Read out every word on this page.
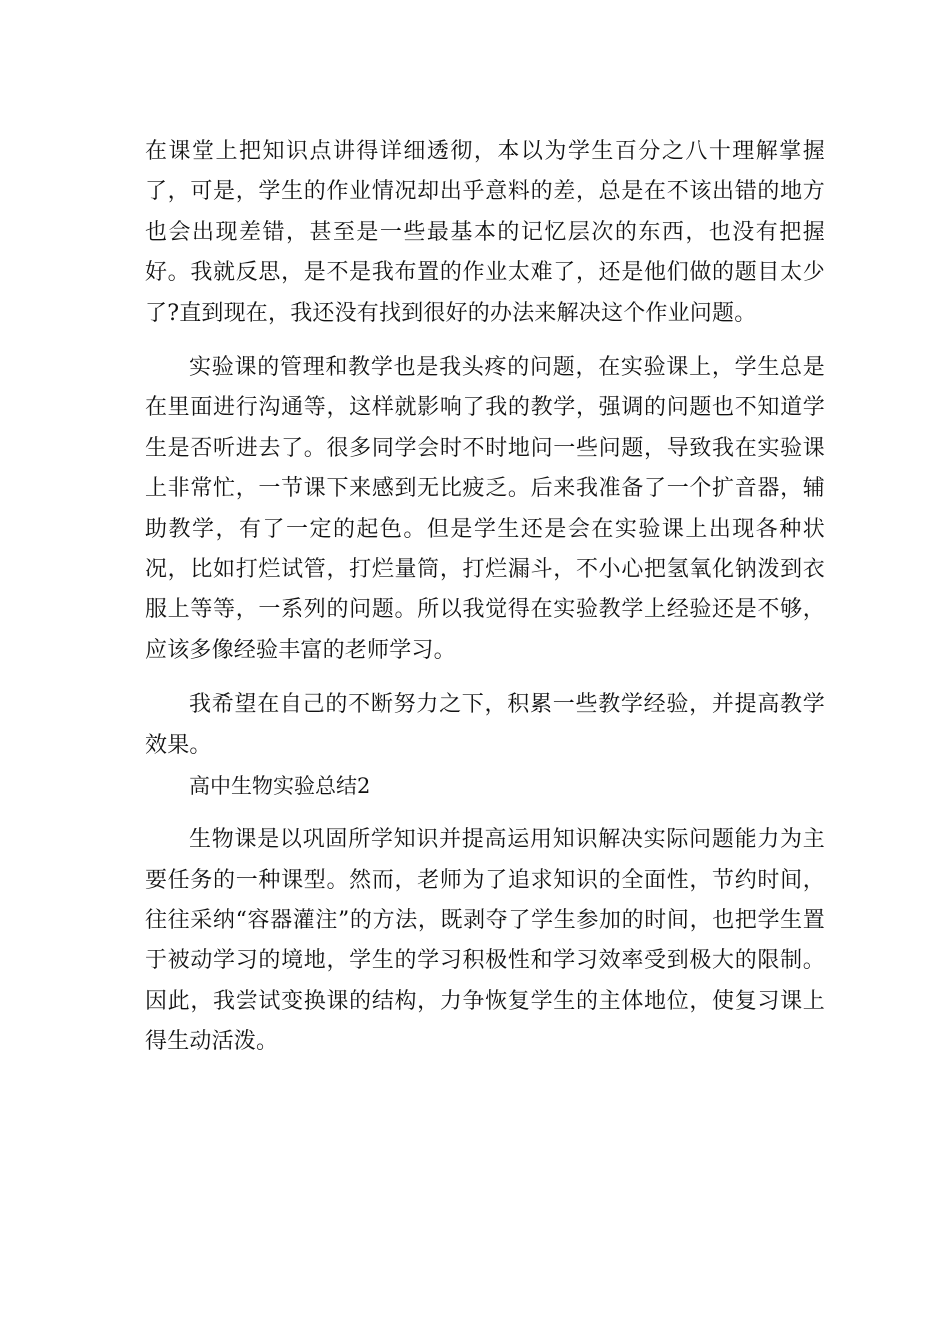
在课堂上把知识点讲得详细透彻，本以为学生百分之八十理解掌握了，可是，学生的作业情况却出乎意料的差，总是在不该出错的地方也会出现差错，甚至是一些最基本的记忆层次的东西，也没有把握好。我就反思，是不是我布置的作业太难了，还是他们做的题目太少了?直到现在，我还没有找到很好的办法来解决这个作业问题。

实验课的管理和教学也是我头疼的问题，在实验课上，学生总是在里面进行沟通等，这样就影响了我的教学，强调的问题也不知道学生是否听进去了。很多同学会时不时地问一些问题，导致我在实验课上非常忙，一节课下来感到无比疲乏。后来我准备了一个扩音器，辅助教学，有了一定的起色。但是学生还是会在实验课上出现各种状况，比如打烂试管，打烂量筒，打烂漏斗，不小心把氢氧化钠泼到衣服上等等，一系列的问题。所以我觉得在实验教学上经验还是不够，应该多像经验丰富的老师学习。

我希望在自己的不断努力之下，积累一些教学经验，并提高教学效果。

高中生物实验总结2

生物课是以巩固所学知识并提高运用知识解决实际问题能力为主要任务的一种课型。然而，老师为了追求知识的全面性，节约时间，往往采纳“容器灌注”的方法，既剥夺了学生参加的时间，也把学生置于被动学习的境地，学生的学习积极性和学习效率受到极大的限制。因此，我尝试变换课的结构，力争恢复学生的主体地位，使复习课上得生动活泼。
